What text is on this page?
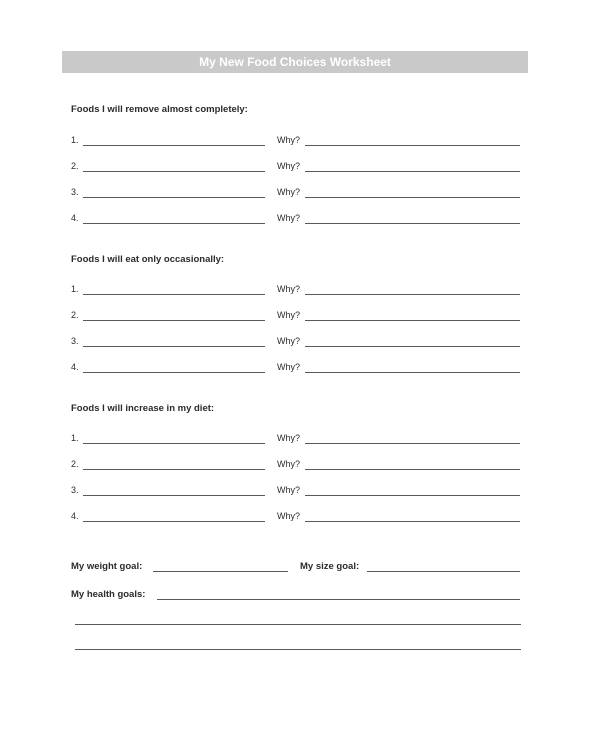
My New Food Choices Worksheet
Foods I will remove almost completely:
1.	Why?
2.	Why?
3.	Why?
4.	Why?
Foods I will eat only occasionally:
1.	Why?
2.	Why?
3.	Why?
4.	Why?
Foods I will increase in my diet:
1.	Why?
2.	Why?
3.	Why?
4.	Why?
My weight goal:	My size goal:
My health goals:
